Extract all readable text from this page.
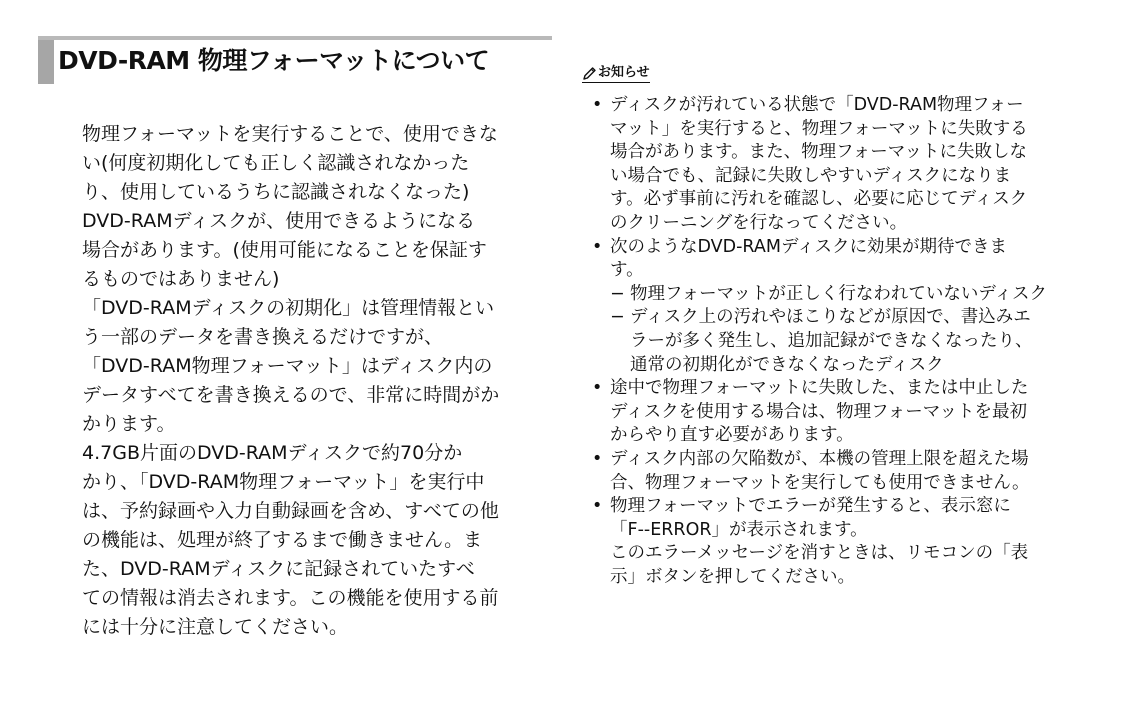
DVD-RAM 物理フォーマットについて
物理フォーマットを実行することで、使用できな
い(何度初期化しても正しく認識されなかった
り、使用しているうちに認識されなくなった)
DVD-RAMディスクが、使用できるようになる
場合があります。(使用可能になることを保証す
るものではありません)
「DVD-RAMディスクの初期化」は管理情報とい
う一部のデータを書き換えるだけですが、
「DVD-RAM物理フォーマット」はディスク内の
データすべてを書き換えるので、非常に時間がか
かります。
4.7GB片面のDVD-RAMディスクで約70分か
かり、「DVD-RAM物理フォーマット」を実行中
は、予約録画や入力自動録画を含め、すべての他
の機能は、処理が終了するまで働きません。ま
た、DVD-RAMディスクに記録されていたすべ
ての情報は消去されます。この機能を使用する前
には十分に注意してください。
お知らせ
• ディスクが汚れている状態で「DVD-RAM物理フォー
マット」を実行すると、物理フォーマットに失敗する
場合があります。また、物理フォーマットに失敗しな
い場合でも、記録に失敗しやすいディスクになりま
す。必ず事前に汚れを確認し、必要に応じてディスク
のクリーニングを行なってください。
• 次のようなDVD-RAMディスクに効果が期待できま
す。
− 物理フォーマットが正しく行なわれていないディスク
− ディスク上の汚れやほこりなどが原因で、書込みエ
ラーが多く発生し、追加記録ができなくなったり、
通常の初期化ができなくなったディスク
• 途中で物理フォーマットに失敗した、または中止した
ディスクを使用する場合は、物理フォーマットを最初
からやり直す必要があります。
• ディスク内部の欠陥数が、本機の管理上限を超えた場
合、物理フォーマットを実行しても使用できません。
• 物理フォーマットでエラーが発生すると、表示窓に
「F--ERROR」が表示されます。
このエラーメッセージを消すときは、リモコンの「表
示」ボタンを押してください。
